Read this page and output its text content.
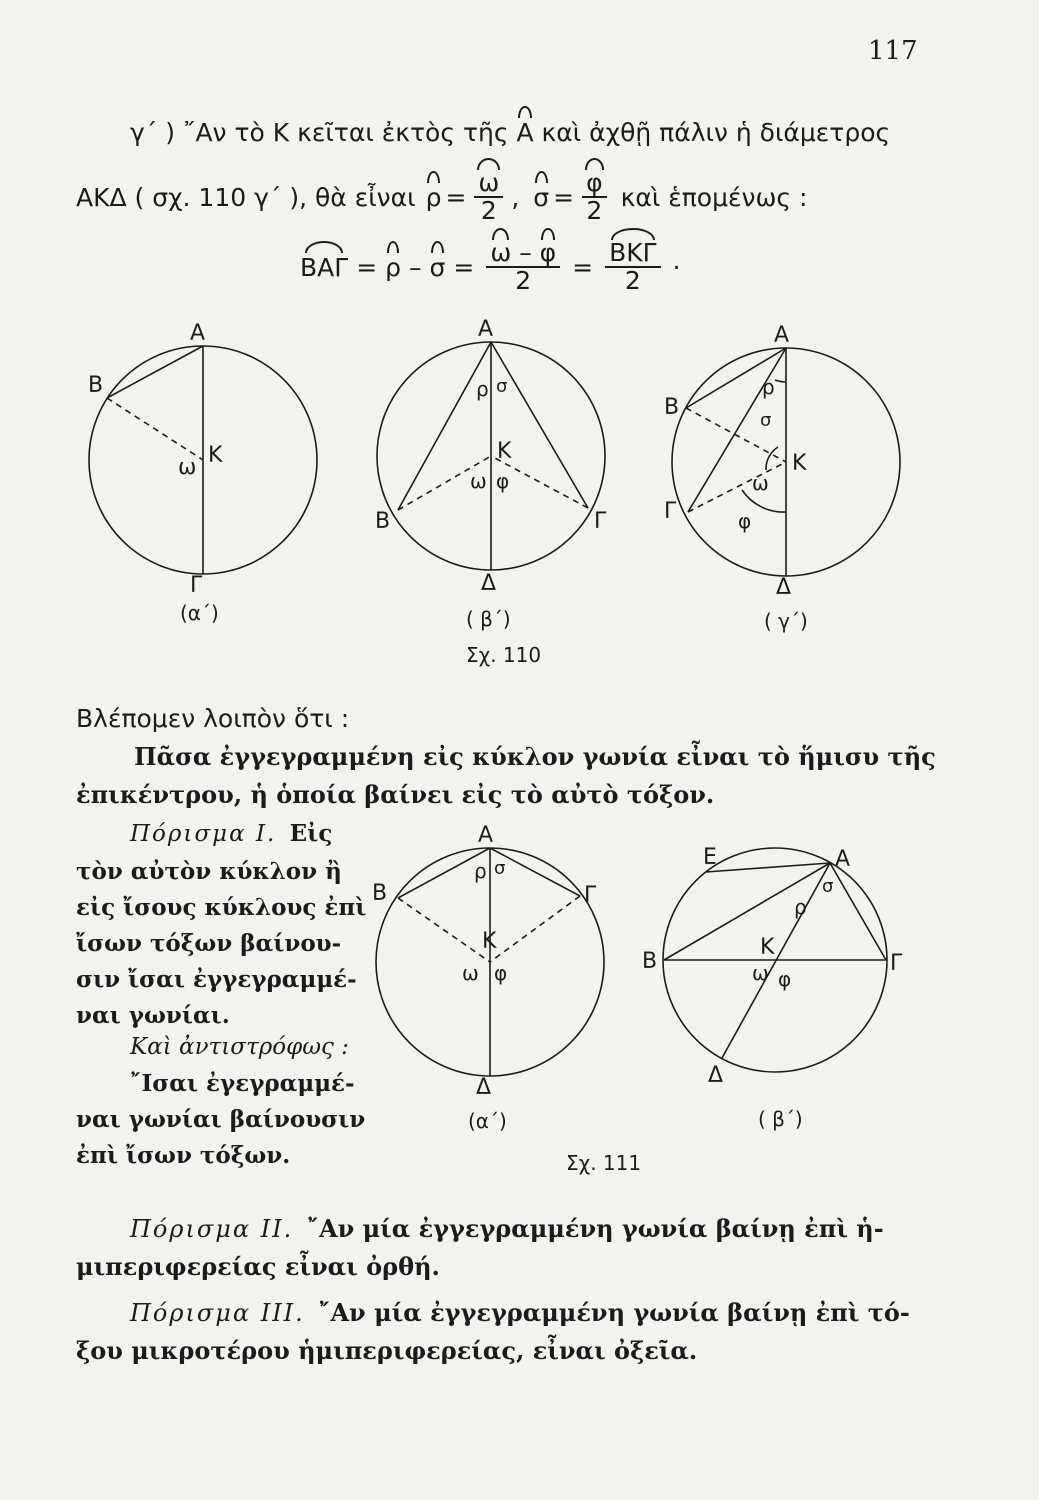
117
γ΄ ) ῎Αν τὸ Κ κεῖται ἐκτὸς τῆς Α καὶ ἀχθῇ πάλιν ἡ διάμετρος
ΑΚΔ ( σχ. 110 γ΄ ), θὰ εἶναι $\rho = \frac{\omega}{2}$ , $\sigma = \frac{\varphi}{2}$ καὶ ἑπομένως :
$BA\Gamma = \rho - \sigma = \frac{\omega - \varphi}{2} = \frac{\text{ΒΚΓ}}{2}$ ·
Α
Β
Κ
ω
Γ
(α΄)
Α
ρ σ
Κ
ω φ
Β	Γ
Δ
( β΄)
Α
ρ
σ
Β
Κ
ω
Γ	φ
Δ
( γ΄)
Σχ. 110
Βλέπομεν λοιπὸν ὅτι :
Πᾶσα ἐγγεγραμμένη εἰς κύκλον γωνία εἶναι τὸ ἥμισυ τῆς
ἐπικέντρου, ἡ ὁποία βαίνει εἰς τὸ αὐτὸ τόξον.
Πόρισμα I. Εἰς
τὸν αὐτὸν κύκλον ἢ
εἰς ἴσους κύκλους ἐπὶ
ἴσων τόξων βαίνου-
σιν ἴσαι ἐγγεγραμμέ-
ναι γωνίαι.
Καὶ ἀντιστρόφως :
῎Ισαι ἐγεγραμμέ-
ναι γωνίαι βαίνουσιν
ἐπὶ ἴσων τόξων.
Α
ρ σ
Β	Γ
Κ
ω φ
Δ
(α΄)
Ε	Α
ρ
σ
Β
Κ
Γ
ω φ
Δ
( β΄)
Σχ. 111
Πόρισμα II. ῎Αν μία ἐγγεγραμμένη γωνία βαίνῃ ἐπὶ ἡ-
μιπεριφερείας εἶναι ὀρθή.
Πόρισμα III. ῎Αν μία ἐγγεγραμμένη γωνία βαίνῃ ἐπὶ τό-
ξου μικροτέρου ἡμιπεριφερείας, εἶναι ὀξεῖα.
